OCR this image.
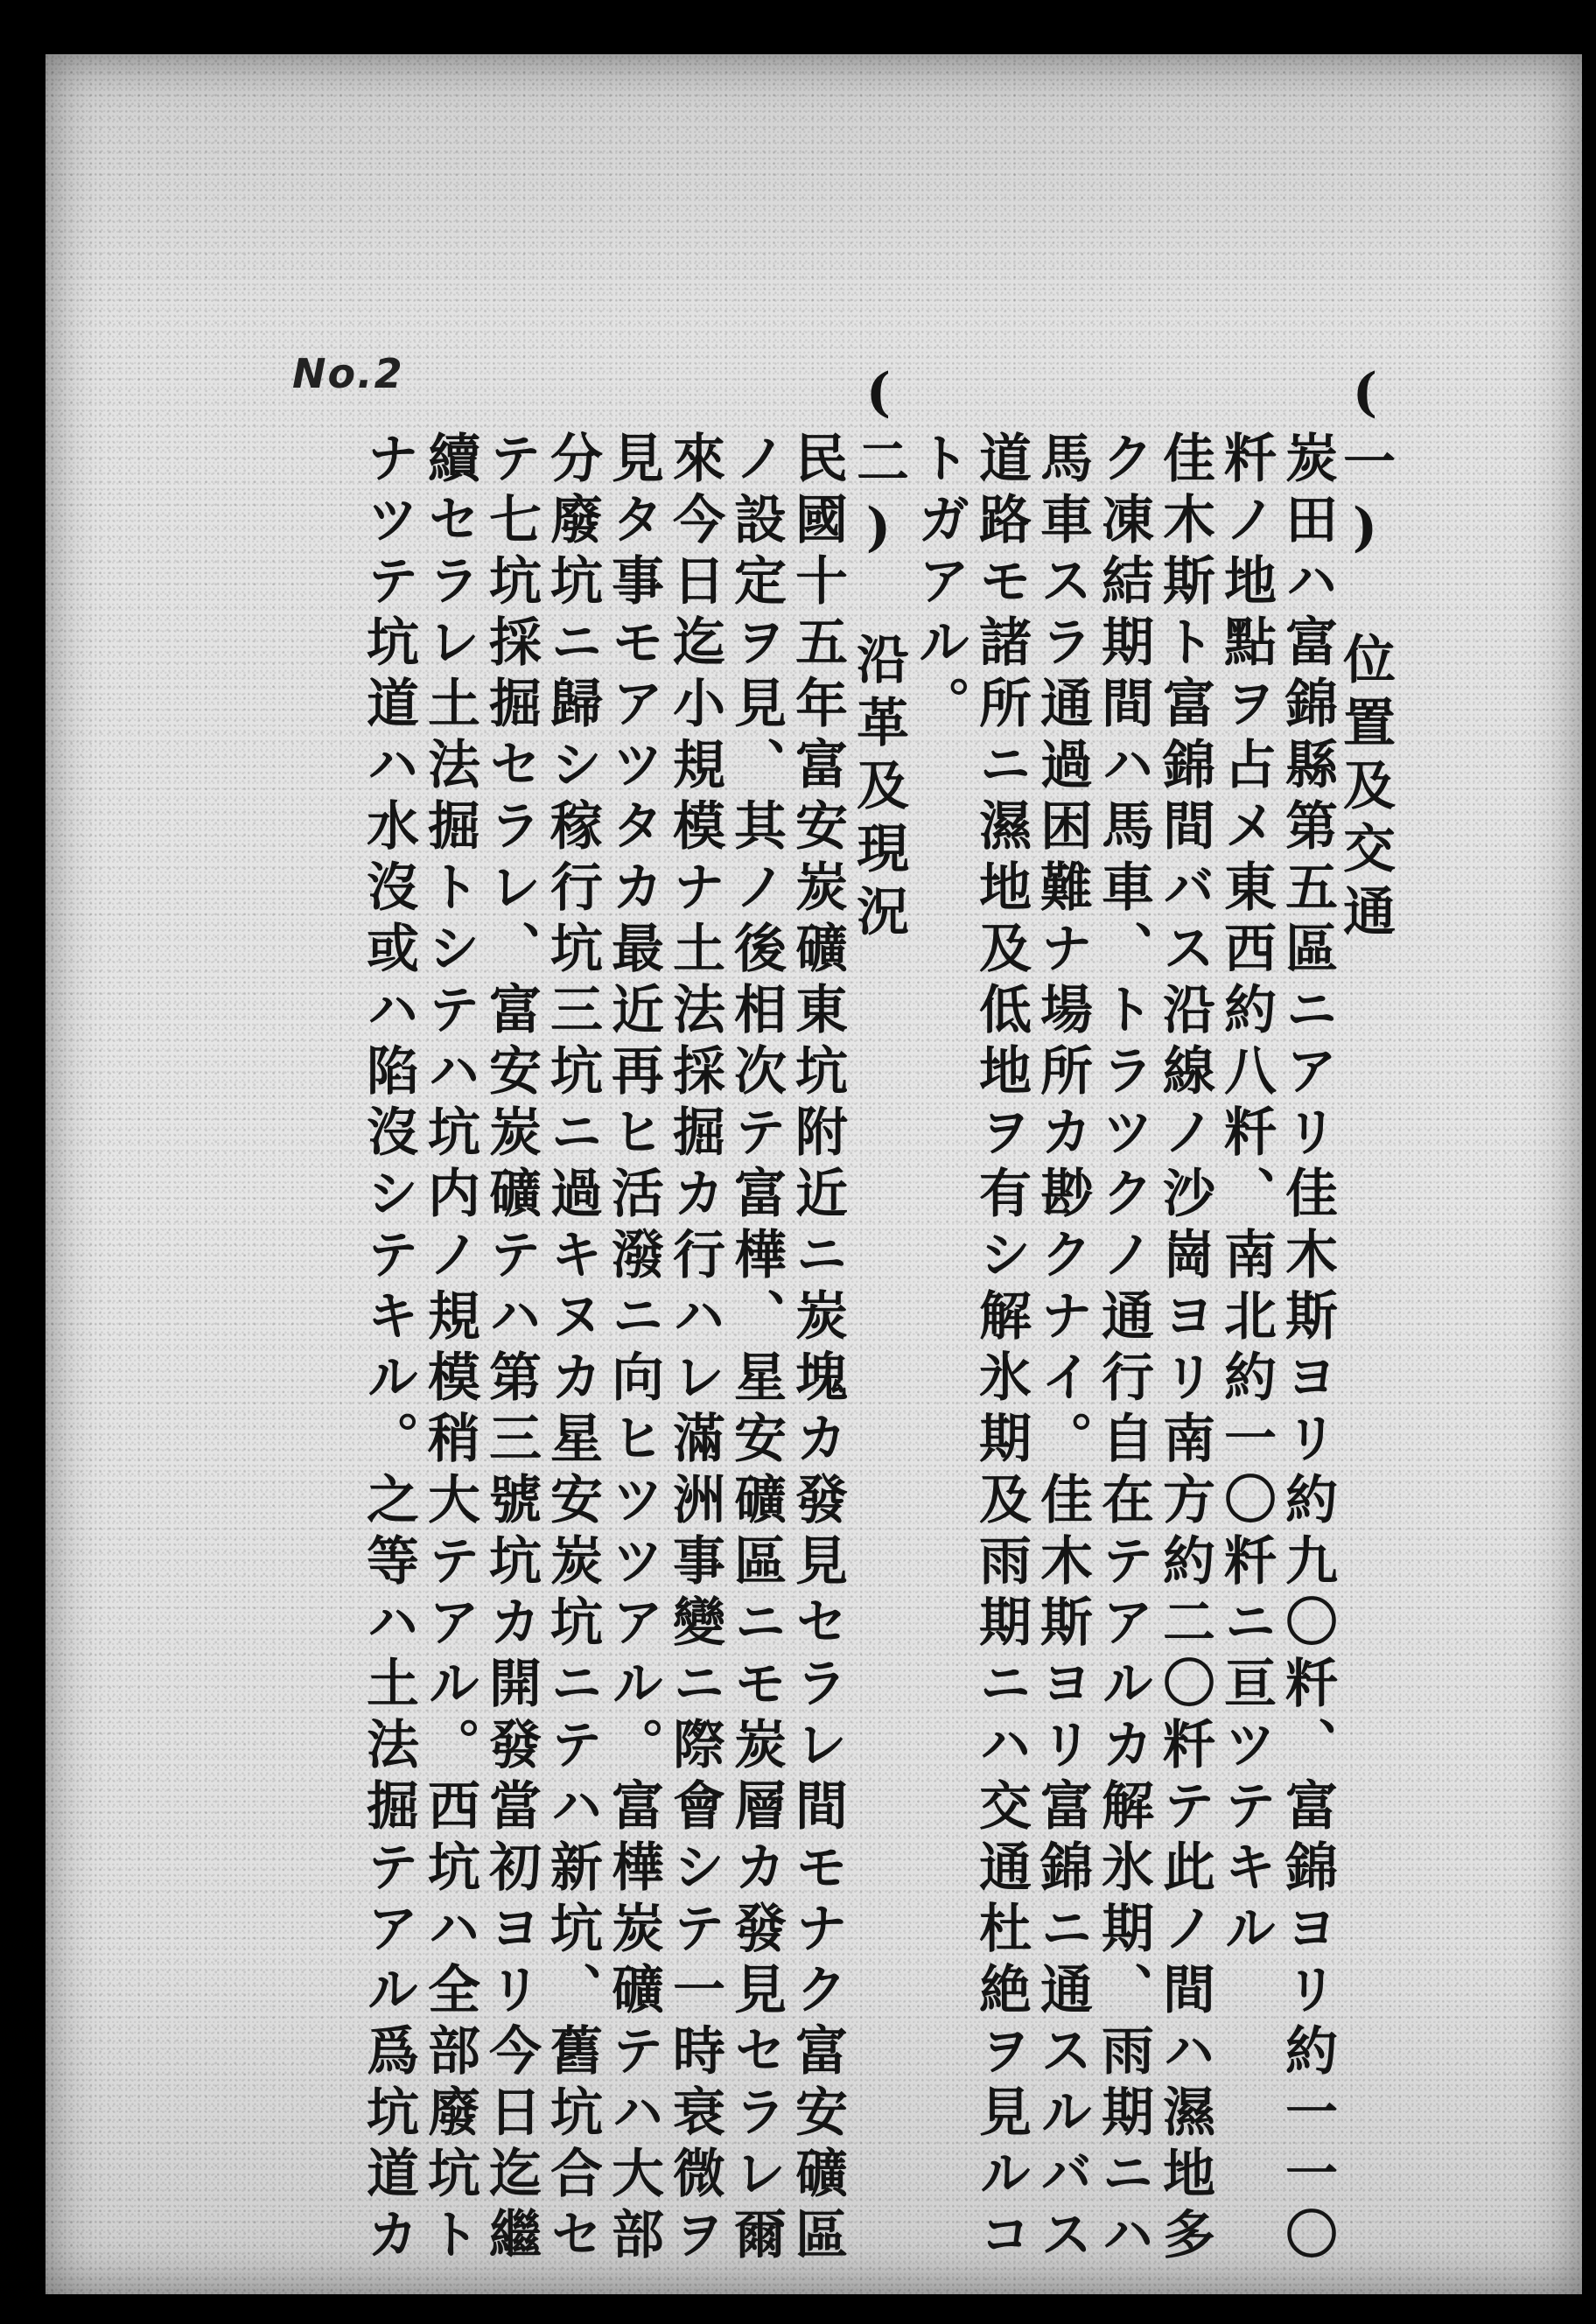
No.2	(一)　位置及交通
炭田ハ富錦縣第五區ニアリ佳木斯ヨリ約九〇粁、富錦ヨリ約一一〇
粁ノ地點ヲ占メ東西約八粁、南北約一〇粁ニ亘ツテキル
佳木斯ト富錦間バス沿線ノ沙崗ヨリ南方約二〇粁テ此ノ間ハ濕地多
ク凍結期間ハ馬車、トラツクノ通行自在テアルカ解氷期、雨期ニハ
馬車スラ通過困難ナ場所カ尠クナイ。佳木斯ヨリ富錦ニ通スルバス
道路モ諸所ニ濕地及低地ヲ有シ解氷期及雨期ニハ交通杜絶ヲ見ルコ
トガアル。
(二)　沿革及現況
民國十五年富安炭礦東坑附近ニ炭塊カ發見セラレ間モナク富安礦區
ノ設定ヲ見、其ノ後相次テ富樺、星安礦區ニモ炭層カ發見セラレ爾
來今日迄小規模ナ土法採掘カ行ハレ滿洲事變ニ際會シテ一時衰微ヲ
見タ事モアツタカ最近再ヒ活潑ニ向ヒツツアル。富樺炭礦テハ大部
分廢坑ニ歸シ稼行坑三坑ニ過キヌカ星安炭坑ニテハ新坑、舊坑合セ
テ七坑採掘セラレ、富安炭礦テハ第三號坑カ開發當初ヨリ今日迄繼
續セラレ土法掘トシテハ坑内ノ規模稍大テアル。西坑ハ全部廢坑ト
ナツテ坑道ハ水沒或ハ陷沒シテキル。之等ハ土法掘テアル爲坑道カ
